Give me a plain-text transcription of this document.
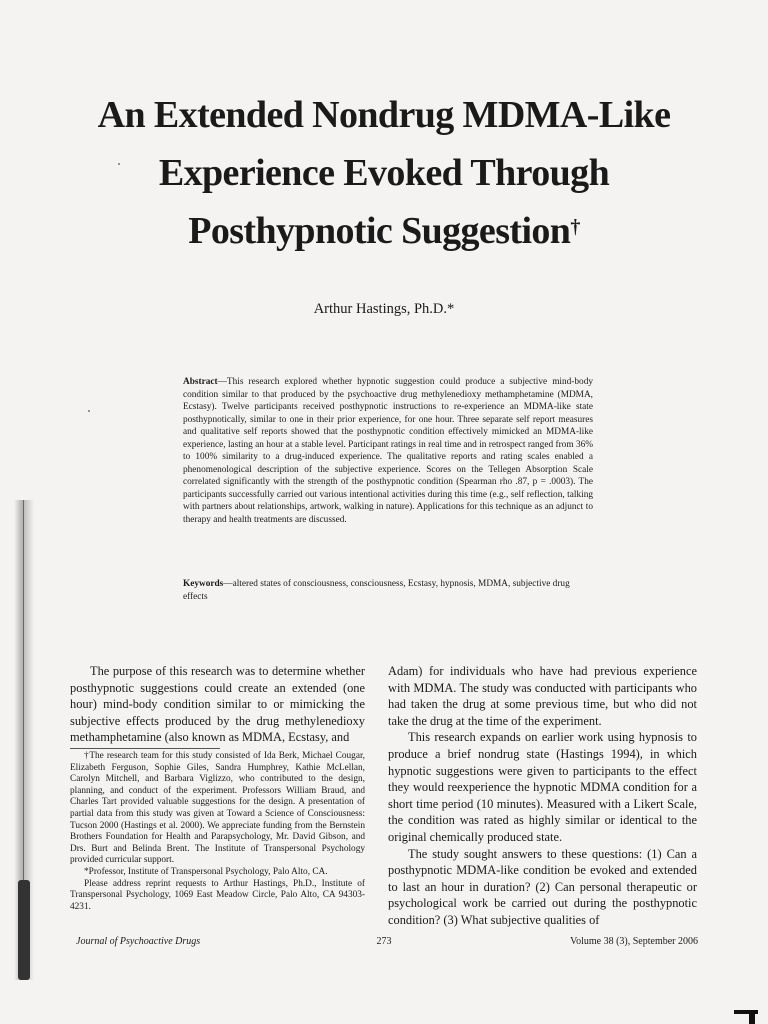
An Extended Nondrug MDMA-Like
Experience Evoked Through
Posthypnotic Suggestion†
Arthur Hastings, Ph.D.*

Abstract—This research explored whether hypnotic suggestion could produce a subjective mind-body condition similar to that produced by the psychoactive drug methylenedioxy methamphetamine (MDMA, Ecstasy). Twelve participants received posthypnotic instructions to re-experience an MDMA-like state posthypnotically, similar to one in their prior experience, for one hour. Three separate self report measures and qualitative self reports showed that the posthypnotic condition effectively mimicked an MDMA-like experience, lasting an hour at a stable level. Participant ratings in real time and in retrospect ranged from 36% to 100% similarity to a drug-induced experience. The qualitative reports and rating scales enabled a phenomenological description of the subjective experience. Scores on the Tellegen Absorption Scale correlated significantly with the strength of the posthypnotic condition (Spearman rho .87, p = .0003). The participants successfully carried out various intentional activities during this time (e.g., self reflection, talking with partners about relationships, artwork, walking in nature). Applications for this technique as an adjunct to therapy and health treatments are discussed.

Keywords—altered states of consciousness, consciousness, Ecstasy, hypnosis, MDMA, subjective drug effects

The purpose of this research was to determine whether posthypnotic suggestions could create an extended (one hour) mind-body condition similar to or mimicking the subjective effects produced by the drug methylenedioxy methamphetamine (also known as MDMA, Ecstasy, and

†The research team for this study consisted of Ida Berk, Michael Cougar, Elizabeth Ferguson, Sophie Giles, Sandra Humphrey, Kathie McLellan, Carolyn Mitchell, and Barbara Viglizzo, who contributed to the design, planning, and conduct of the experiment. Professors William Braud, and Charles Tart provided valuable suggestions for the design. A presentation of partial data from this study was given at Toward a Science of Consciousness: Tucson 2000 (Hastings et al. 2000). We appreciate funding from the Bernstein Brothers Foundation for Health and Parapsychology, Mr. David Gibson, and Drs. Burt and Belinda Brent. The Institute of Transpersonal Psychology provided curricular support.

*Professor, Institute of Transpersonal Psychology, Palo Alto, CA.

Please address reprint requests to Arthur Hastings, Ph.D., Institute of Transpersonal Psychology, 1069 East Meadow Circle, Palo Alto, CA 94303-4231.

Adam) for individuals who have had previous experience with MDMA. The study was conducted with participants who had taken the drug at some previous time, but who did not take the drug at the time of the experiment.

This research expands on earlier work using hypnosis to produce a brief nondrug state (Hastings 1994), in which hypnotic suggestions were given to participants to the effect they would reexperience the hypnotic MDMA condition for a short time period (10 minutes). Measured with a Likert Scale, the condition was rated as highly similar or identical to the original chemically produced state.

The study sought answers to these questions: (1) Can a posthypnotic MDMA-like condition be evoked and extended to last an hour in duration? (2) Can personal therapeutic or psychological work be carried out during the posthypnotic condition? (3) What subjective qualities of

Journal of Psychoactive Drugs	273	Volume 38 (3), September 2006
